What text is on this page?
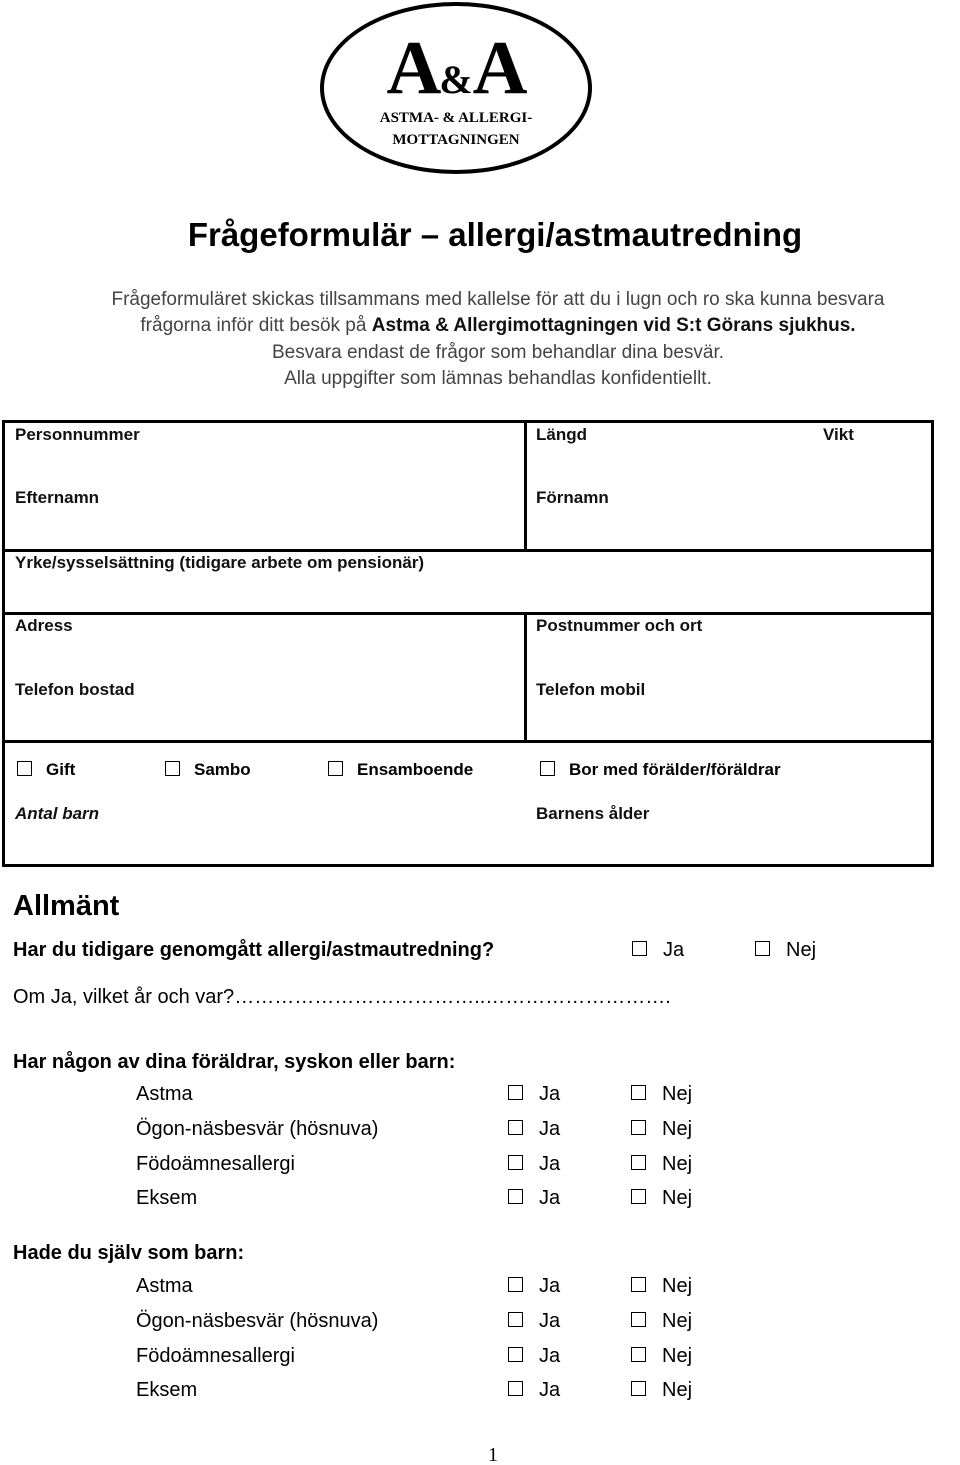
A&A
ASTMA- & ALLERGI-
MOTTAGNINGEN
Frågeformulär – allergi/astmautredning
Frågeformuläret skickas tillsammans med kallelse för att du i lugn och ro ska kunna besvara
frågorna inför ditt besök på Astma & Allergimottagningen vid S:t Görans sjukhus.
Besvara endast de frågor som behandlar dina besvär.
Alla uppgifter som lämnas behandlas konfidentiellt.
Personnummer	Längd	Vikt
Efternamn	Förnamn
Yrke/sysselsättning (tidigare arbete om pensionär)
Adress	Postnummer och ort
Telefon bostad	Telefon mobil
Gift	Sambo	Ensamboende	Bor med förälder/föräldrar
Antal barn	Barnens ålder
Allmänt
Har du tidigare genomgått allergi/astmautredning?	Ja	Nej
Om Ja, vilket år och var?………………………………..……………………….
Har någon av dina föräldrar, syskon eller barn:
Astma	Ja	Nej
Ögon-näsbesvär (hösnuva)	Ja	Nej
Födoämnesallergi	Ja	Nej
Eksem	Ja	Nej
Hade du själv som barn:
Astma	Ja	Nej
Ögon-näsbesvär (hösnuva)	Ja	Nej
Födoämnesallergi	Ja	Nej
Eksem	Ja	Nej
1
